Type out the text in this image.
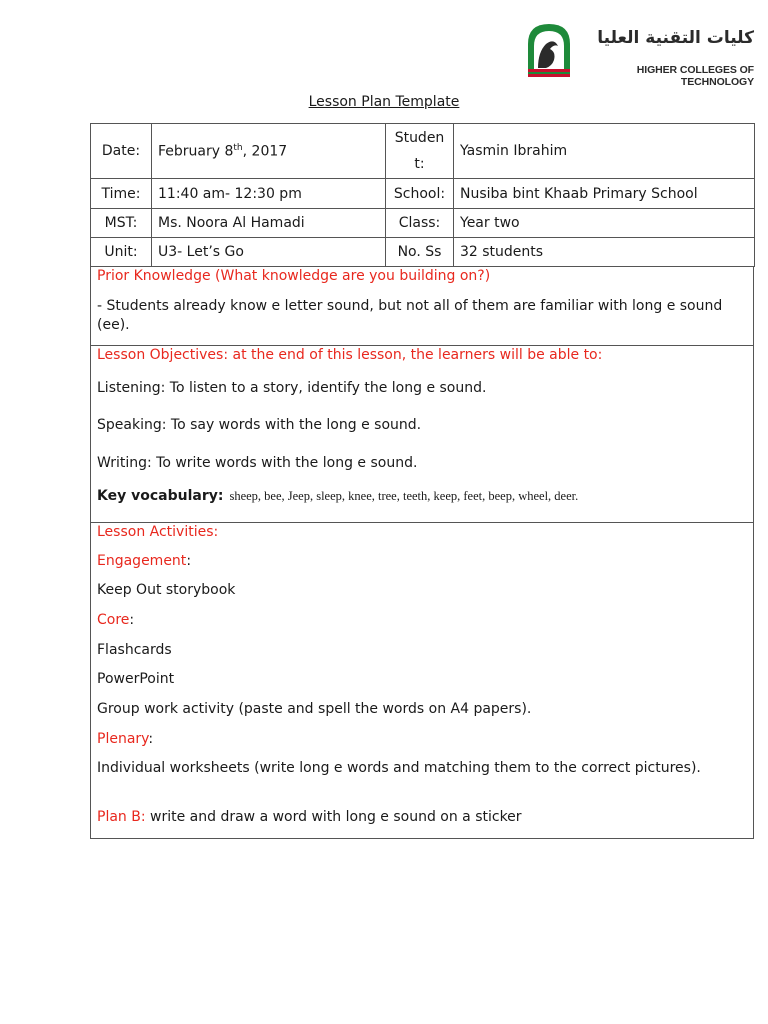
كليات التقنية العليا
HIGHER COLLEGES OF TECHNOLOGY
Lesson Plan Template
Date:	February 8th, 2017	Student:	Yasmin Ibrahim
Time:	11:40 am- 12:30 pm	School:	Nusiba bint Khaab Primary School
MST:	Ms. Noora Al Hamadi	Class:	Year two
Unit:	U3- Let’s Go	No. Ss	32 students

Prior Knowledge (What knowledge are you building on?)

- Students already know e letter sound, but not all of them are familiar with long e sound (ee).

Lesson Objectives: at the end of this lesson, the learners will be able to:

Listening: To listen to a story, identify the long e sound.

Speaking: To say words with the long e sound.

Writing: To write words with the long e sound.

Key vocabulary: sheep, bee, Jeep, sleep, knee, tree, teeth, keep, feet, beep, wheel, deer.

Lesson Activities:

Engagement:

Keep Out storybook

Core:

Flashcards

PowerPoint

Group work activity (paste and spell the words on A4 papers).

Plenary:

Individual worksheets (write long e words and matching them to the correct pictures).

Plan B: write and draw a word with long e sound on a sticker
